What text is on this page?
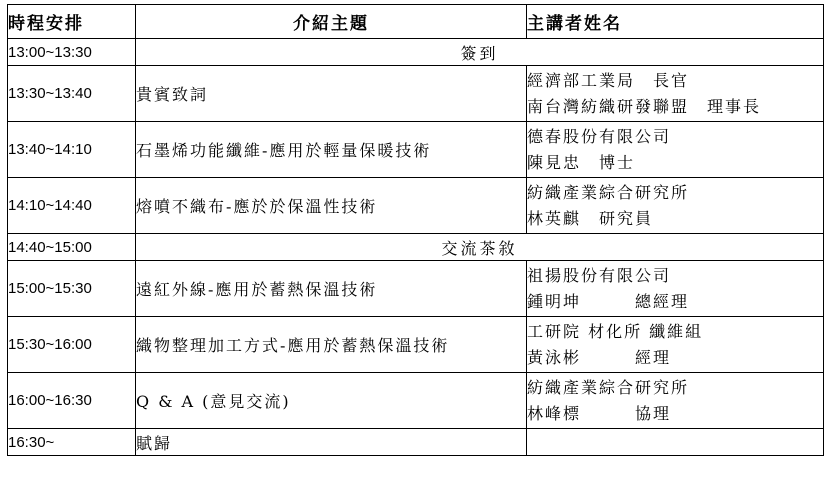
時程安排	介紹主題	主講者姓名
13:00~13:30	簽到	
13:30~13:40	貴賓致詞	經濟部工業局　長官
南台灣紡織研發聯盟　理事長

13:40~14:10	石墨烯功能纖維-應用於輕量保暖技術	德春股份有限公司
陳見忠　博士

14:10~14:40	熔噴不織布-應於於保溫性技術	紡織產業綜合研究所
林英麒　研究員

14:40~15:00	交流茶敘	
15:00~15:30	遠紅外線-應用於蓄熱保溫技術	祖揚股份有限公司
鍾明坤　　　總經理

15:30~16:00	織物整理加工方式-應用於蓄熱保溫技術	工研院 材化所 纖維組
黃泳彬　　　經理

16:00~16:30	Q & A (意見交流)	紡織產業綜合研究所
林峰標　　　協理

16:30~	賦歸	
